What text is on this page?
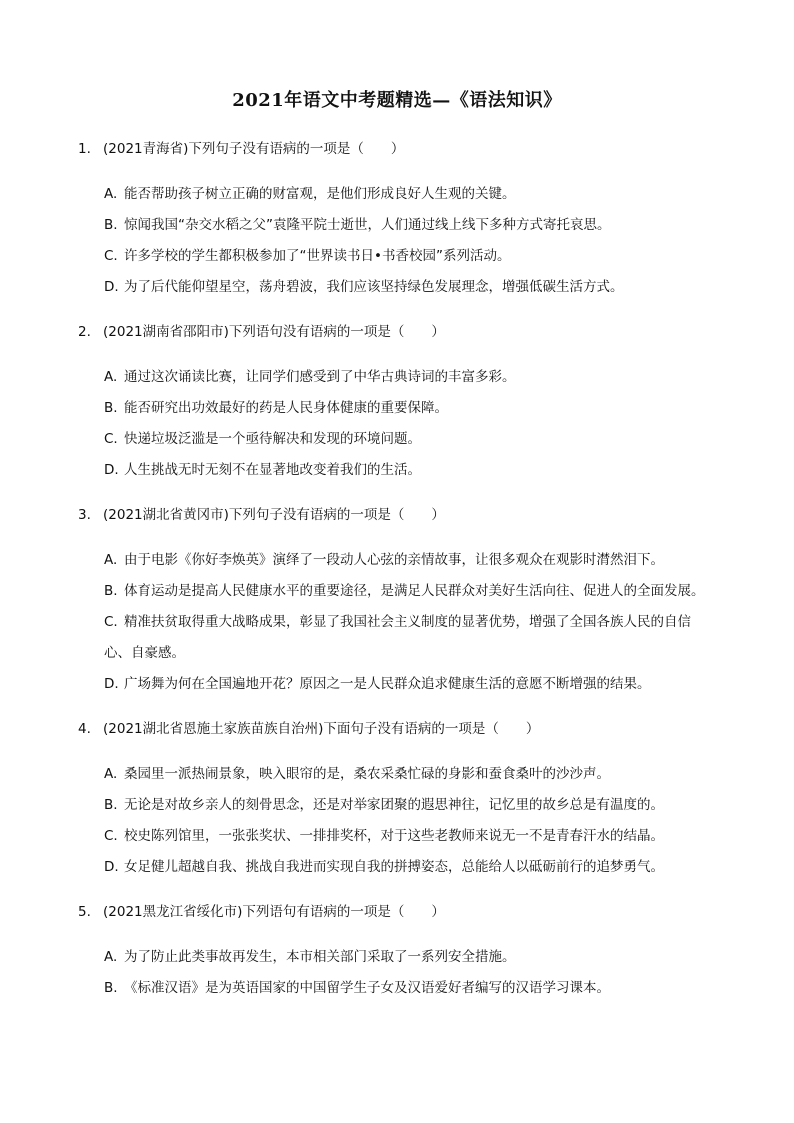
2021年语文中考题精选—《语法知识》
1. (2021青海省)下列句子没有语病的一项是（　　）
A. 能否帮助孩子树立正确的财富观，是他们形成良好人生观的关键。
B. 惊闻我国“杂交水稻之父”袁隆平院士逝世，人们通过线上线下多种方式寄托哀思。
C. 许多学校的学生都积极参加了“世界读书日•书香校园”系列活动。
D. 为了后代能仰望星空，荡舟碧波，我们应该坚持绿色发展理念，增强低碳生活方式。
2. (2021湖南省邵阳市)下列语句没有语病的一项是（　　）
A. 通过这次诵读比赛，让同学们感受到了中华古典诗词的丰富多彩。
B. 能否研究出功效最好的药是人民身体健康的重要保障。
C. 快递垃圾泛滥是一个亟待解决和发现的环境问题。
D. 人生挑战无时无刻不在显著地改变着我们的生活。
3. (2021湖北省黄冈市)下列句子没有语病的一项是（　　）
A. 由于电影《你好李焕英》演绎了一段动人心弦的亲情故事，让很多观众在观影时潸然泪下。
B. 体育运动是提高人民健康水平的重要途径，是满足人民群众对美好生活向往、促进人的全面发展。
C. 精准扶贫取得重大战略成果，彰显了我国社会主义制度的显著优势，增强了全国各族人民的自信
心、自豪感。
D. 广场舞为何在全国遍地开花？原因之一是人民群众追求健康生活的意愿不断增强的结果。
4. (2021湖北省恩施土家族苗族自治州)下面句子没有语病的一项是（　　）
A. 桑园里一派热闹景象，映入眼帘的是，桑农采桑忙碌的身影和蚕食桑叶的沙沙声。
B. 无论是对故乡亲人的刻骨思念，还是对举家团聚的遐思神往，记忆里的故乡总是有温度的。
C. 校史陈列馆里，一张张奖状、一排排奖杯，对于这些老教师来说无一不是青春汗水的结晶。
D. 女足健儿超越自我、挑战自我进而实现自我的拼搏姿态，总能给人以砥砺前行的追梦勇气。
5. (2021黑龙江省绥化市)下列语句有语病的一项是（　　）
A. 为了防止此类事故再发生，本市相关部门采取了一系列安全措施。
B. 《标准汉语》是为英语国家的中国留学生子女及汉语爱好者编写的汉语学习课本。
